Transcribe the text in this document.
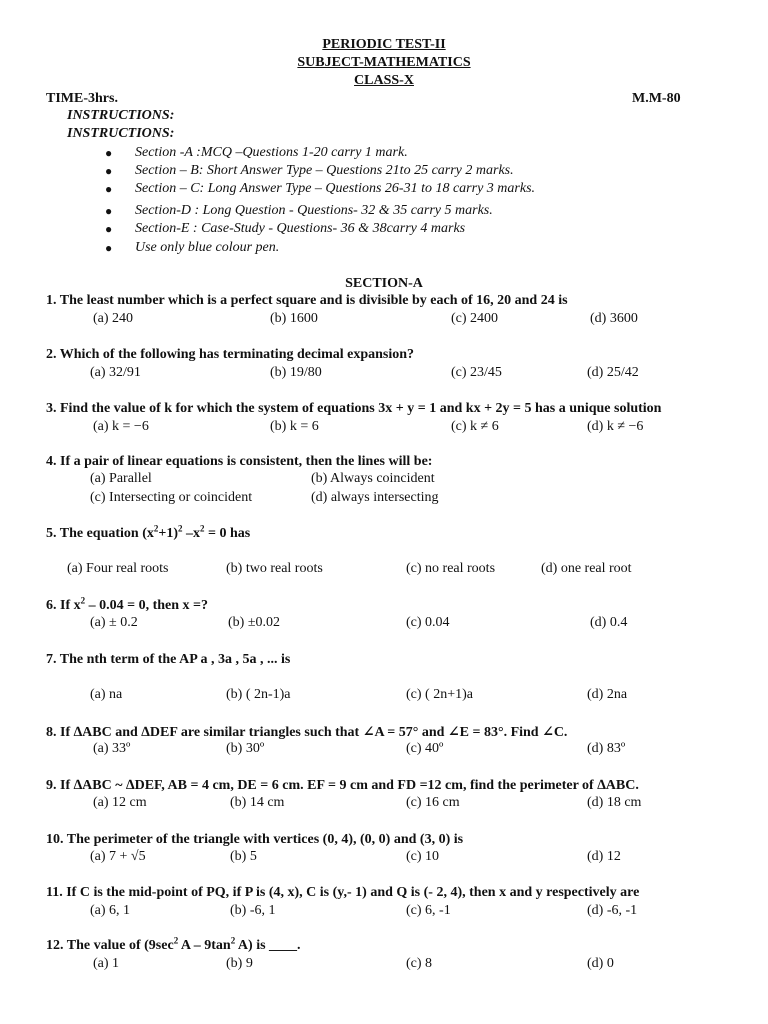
PERIODIC TEST-II
SUBJECT-MATHEMATICS
CLASS-X
TIME-3hrs.	M.M-80
INSTRUCTIONS:
INSTRUCTIONS:
● Section -A :MCQ –Questions 1-20 carry 1 mark.
● Section – B: Short Answer Type – Questions 21to 25 carry 2 marks.
● Section – C: Long Answer Type – Questions 26-31 to 18 carry 3 marks.
● Section-D : Long Question - Questions- 32 & 35 carry 5 marks.
● Section-E : Case-Study - Questions- 36 & 38carry 4 marks
● Use only blue colour pen.
SECTION-A
1. The least number which is a perfect square and is divisible by each of 16, 20 and 24 is
(a) 240	(b) 1600	(c) 2400	(d) 3600
2. Which of the following has terminating decimal expansion?
(a) 32/91	(b) 19/80	(c) 23/45	(d) 25/42
3. Find the value of k for which the system of equations 3x + y = 1 and kx + 2y = 5 has a unique solution
(a) k = −6	(b) k = 6	(c) k ≠ 6	(d) k ≠ −6
4. If a pair of linear equations is consistent, then the lines will be:
(a) Parallel	(b) Always coincident
(c) Intersecting or coincident	(d) always intersecting
5. The equation $(x^2+1)^2$ $-x^2 = 0$ has
(a) Four real roots	(b) two real roots	(c) no real roots	(d) one real root
6. If $x^2 - 0.04 = 0$, then x =?
(a) ± 0.2	(b) ±0.02	(c) 0.04	(d) 0.4
7. The nth term of the AP a , 3a , 5a , ... is
(a) na	(b) ( 2n-1)a	(c) ( 2n+1)a	(d) 2na
8. If ∆ABC and ∆DEF are similar triangles such that ∠A = 57° and ∠E = 83°. Find ∠C.
(a) 33º	(b) 30º	(c) 40º	(d) 83º
9. If ∆ABC ~ ∆DEF, AB = 4 cm, DE = 6 cm. EF = 9 cm and FD =12 cm, find the perimeter of ∆ABC.
(a) 12 cm	(b) 14 cm	(c) 16 cm	(d) 18 cm
10. The perimeter of the triangle with vertices (0, 4), (0, 0) and (3, 0) is
(a) 7 + √5	(b) 5	(c) 10	(d) 12
11. If C is the mid-point of PQ, if P is (4, x), C is (y,- 1) and Q is (- 2, 4), then x and y respectively are
(a) 6, 1	(b) -6, 1	(c) 6, -1	(d) -6, -1
12. The value of ($9\sec^2$ A – $9\tan^2$ A) is ____.
(a) 1	(b) 9	(c) 8	(d) 0
